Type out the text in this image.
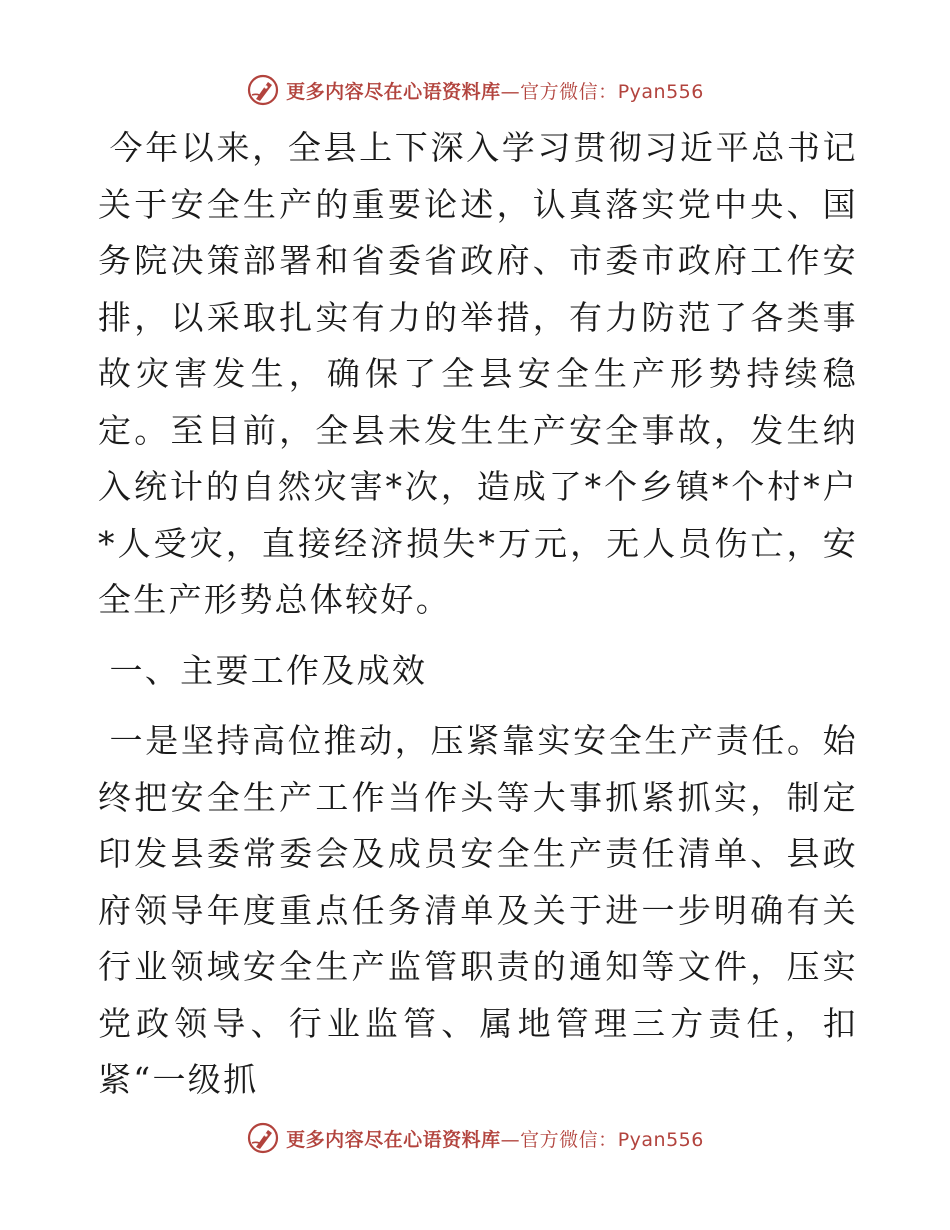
更多内容尽在心语资料库—官方微信：Pyan556

今年以来，全县上下深入学习贯彻习近平总书记关于安全生产的重要论述，认真落实党中央、国务院决策部署和省委省政府、市委市政府工作安排，以采取扎实有力的举措，有力防范了各类事故灾害发生，确保了全县安全生产形势持续稳定。至目前，全县未发生生产安全事故，发生纳入统计的自然灾害*次，造成了*个乡镇*个村*户*人受灾，直接经济损失*万元，无人员伤亡，安全生产形势总体较好。

一、主要工作及成效

一是坚持高位推动，压紧靠实安全生产责任。始终把安全生产工作当作头等大事抓紧抓实，制定印发县委常委会及成员安全生产责任清单、县政府领导年度重点任务清单及关于进一步明确有关行业领域安全生产监管职责的通知等文件，压实党政领导、行业监管、属地管理三方责任，扣紧“一级抓

更多内容尽在心语资料库—官方微信：Pyan556
